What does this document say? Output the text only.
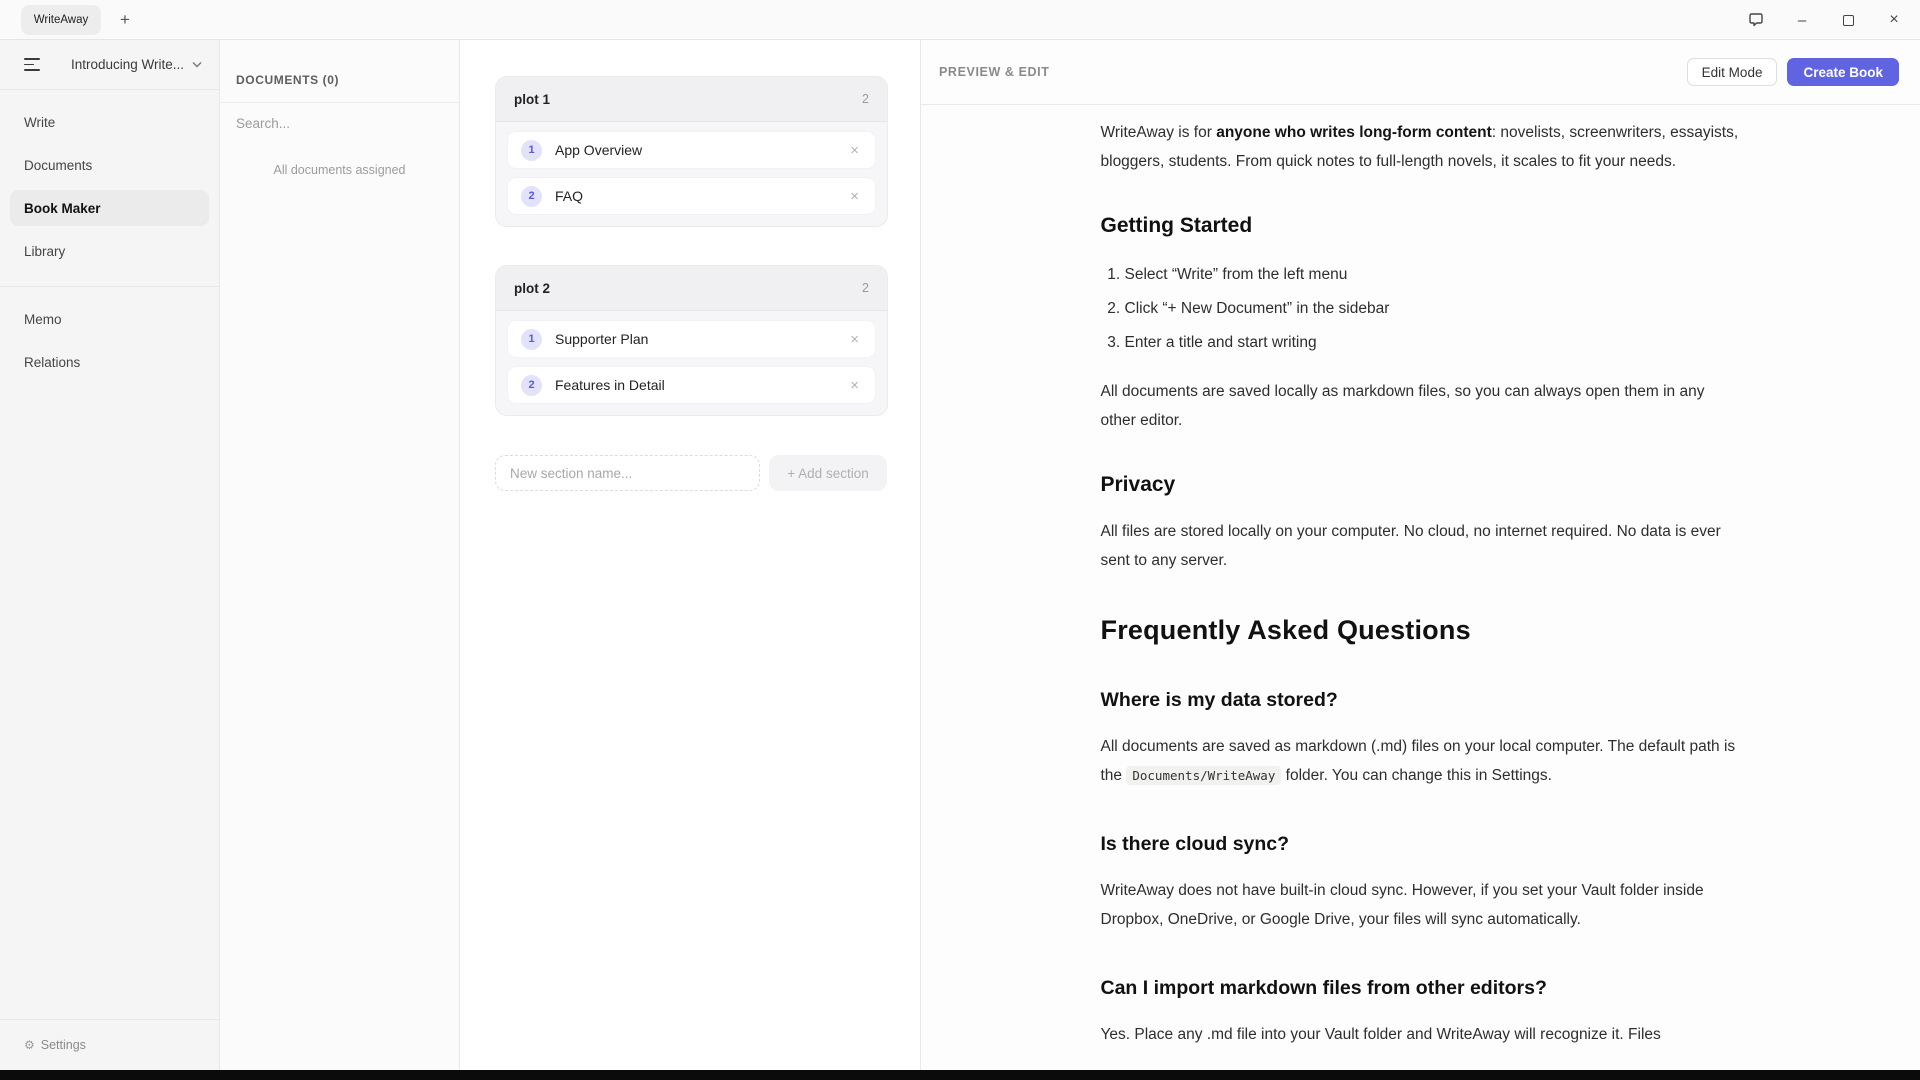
WriteAway +	–	×
Introducing Write...
Write
Documents
Book Maker
Library
Memo
Relations
⚙ Settings
DOCUMENTS (0)
Search...
All documents assigned
plot 1	2
1	App Overview	×
2	FAQ	×
plot 2	2
1	Supporter Plan	×
2	Features in Detail	×
New section name...
+ Add section
PREVIEW & EDIT	Edit Mode	Create Book

WriteAway is for anyone who writes long-form content: novelists, screenwriters, essayists, bloggers, students. From quick notes to full-length novels, it scales to fit your needs.

Getting Started
1. Select “Write” from the left menu
2. Click “+ New Document” in the sidebar
3. Enter a title and start writing

All documents are saved locally as markdown files, so you can always open them in any other editor.

Privacy

All files are stored locally on your computer. No cloud, no internet required. No data is ever sent to any server.

Frequently Asked Questions
Where is my data stored?

All documents are saved as markdown (.md) files on your local computer. The default path is the Documents/WriteAway folder. You can change this in Settings.

Is there cloud sync?

WriteAway does not have built-in cloud sync. However, if you set your Vault folder inside Dropbox, OneDrive, or Google Drive, your files will sync automatically.

Can I import markdown files from other editors?

Yes. Place any .md file into your Vault folder and WriteAway will recognize it. Files
